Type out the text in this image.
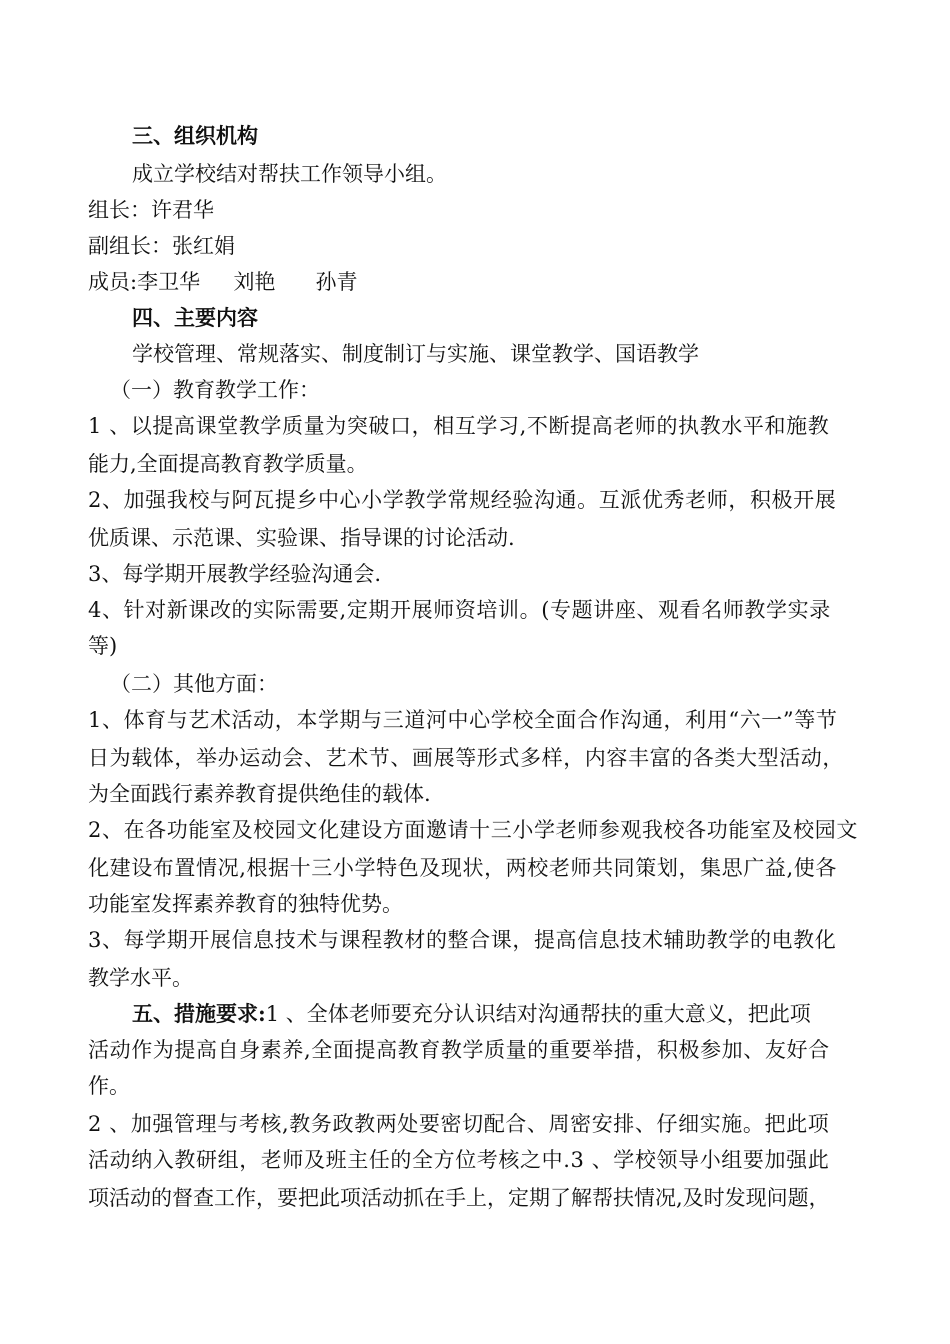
三、组织机构
成立学校结对帮扶工作领导小组。
组长：许君华
副组长：张红娟
成员:李卫华     刘艳      孙青
四、主要内容
学校管理、常规落实、制度制订与实施、课堂教学、国语教学
（一）教育教学工作：
1 、以提高课堂教学质量为突破口，相互学习,不断提高老师的执教水平和施教
能力,全面提高教育教学质量。
2、加强我校与阿瓦提乡中心小学教学常规经验沟通。互派优秀老师，积极开展
优质课、示范课、实验课、指导课的讨论活动.
3、每学期开展教学经验沟通会.
4、针对新课改的实际需要,定期开展师资培训。(专题讲座、观看名师教学实录
等)
（二）其他方面：
1、体育与艺术活动，本学期与三道河中心学校全面合作沟通，利用“六一”等节
日为载体，举办运动会、艺术节、画展等形式多样，内容丰富的各类大型活动，
为全面践行素养教育提供绝佳的载体.
2、在各功能室及校园文化建设方面邀请十三小学老师参观我校各功能室及校园文
化建设布置情况,根据十三小学特色及现状，两校老师共同策划，集思广益,使各
功能室发挥素养教育的独特优势。
3、每学期开展信息技术与课程教材的整合课，提高信息技术辅助教学的电教化
教学水平。
五、措施要求:1 、全体老师要充分认识结对沟通帮扶的重大意义，把此项
活动作为提高自身素养,全面提高教育教学质量的重要举措，积极参加、友好合
作。
2 、加强管理与考核,教务政教两处要密切配合、周密安排、仔细实施。把此项
活动纳入教研组，老师及班主任的全方位考核之中.3 、学校领导小组要加强此
项活动的督查工作，要把此项活动抓在手上，定期了解帮扶情况,及时发现问题，
